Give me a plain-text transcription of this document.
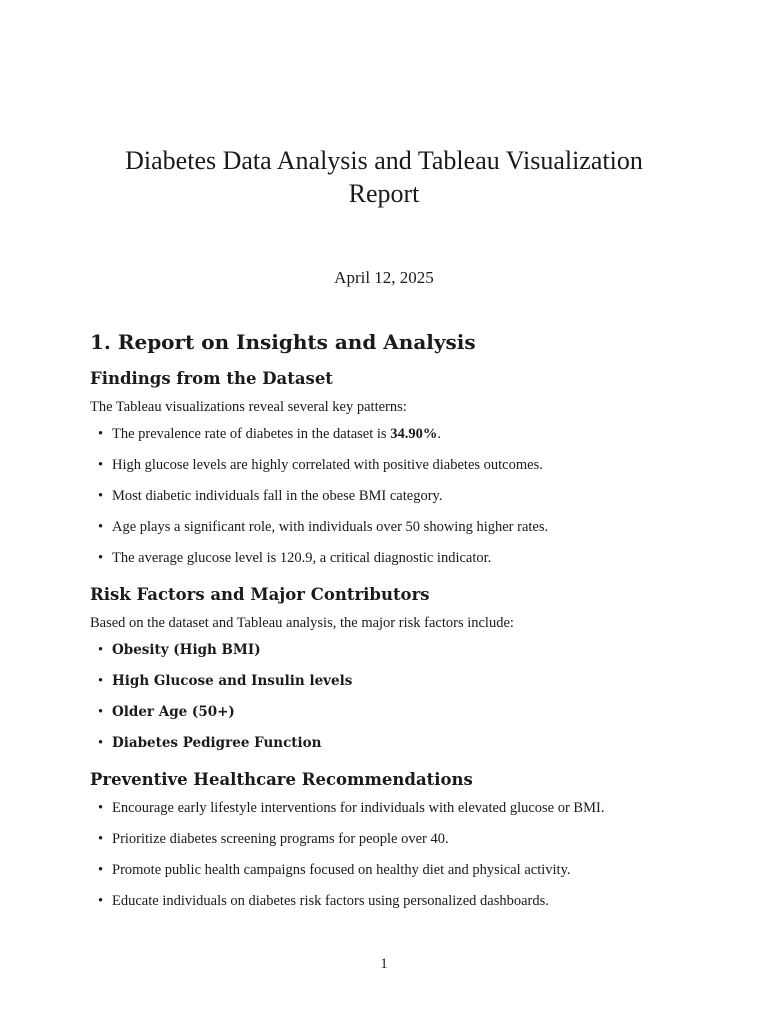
Diabetes Data Analysis and Tableau Visualization Report
April 12, 2025
1. Report on Insights and Analysis
Findings from the Dataset

The Tableau visualizations reveal several key patterns:

• The prevalence rate of diabetes in the dataset is 34.90%.
• High glucose levels are highly correlated with positive diabetes outcomes.
• Most diabetic individuals fall in the obese BMI category.
• Age plays a significant role, with individuals over 50 showing higher rates.
• The average glucose level is 120.9, a critical diagnostic indicator.
Risk Factors and Major Contributors

Based on the dataset and Tableau analysis, the major risk factors include:

• Obesity (High BMI)
• High Glucose and Insulin levels
• Older Age (50+)
• Diabetes Pedigree Function
Preventive Healthcare Recommendations
• Encourage early lifestyle interventions for individuals with elevated glucose or BMI.
• Prioritize diabetes screening programs for people over 40.
• Promote public health campaigns focused on healthy diet and physical activity.
• Educate individuals on diabetes risk factors using personalized dashboards.
1
